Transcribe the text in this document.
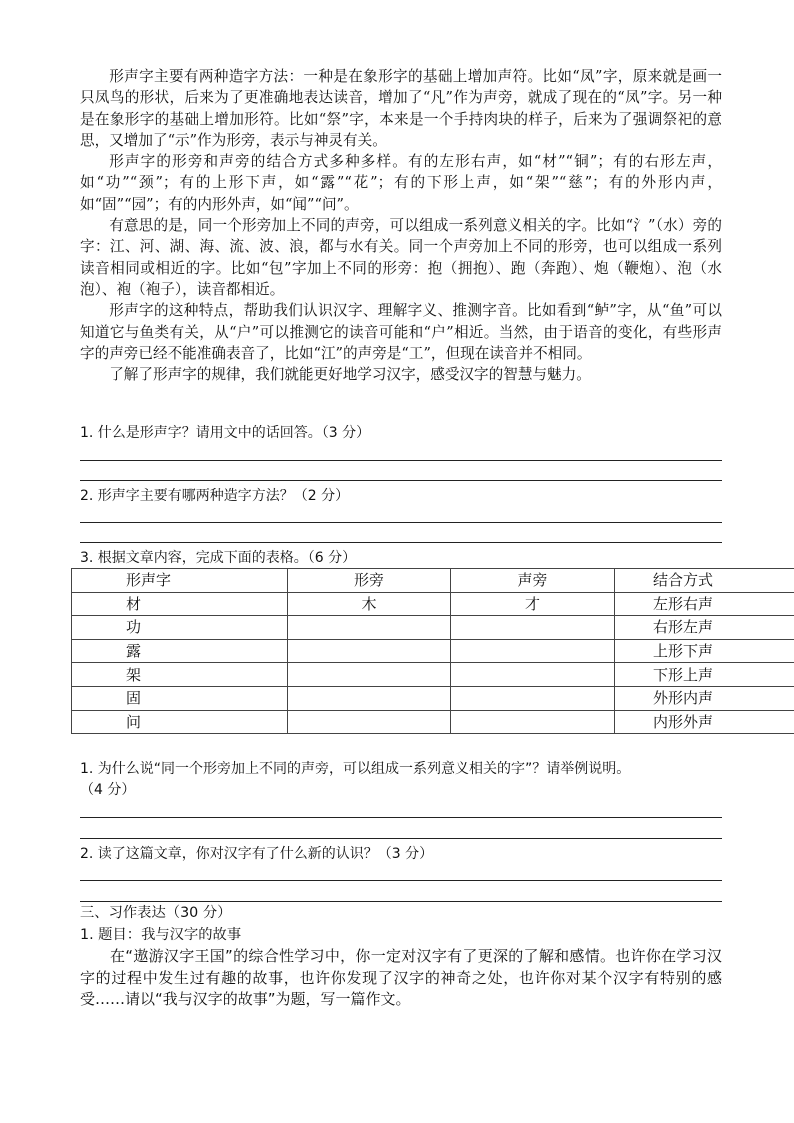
形声字主要有两种造字方法：一种是在象形字的基础上增加声符。比如“凤”字，原来就是画一只凤鸟的形状，后来为了更准确地表达读音，增加了“凡”作为声旁，就成了现在的“凤”字。另一种是在象形字的基础上增加形符。比如“祭”字，本来是一个手持肉块的样子，后来为了强调祭祀的意思，又增加了“示”作为形旁，表示与神灵有关。

形声字的形旁和声旁的结合方式多种多样。有的左形右声，如“材”“铜”；有的右形左声，如“功”“颈”；有的上形下声，如“露”“花”；有的下形上声，如“架”“慈”；有的外形内声，如“固”“园”；有的内形外声，如“闻”“问”。

有意思的是，同一个形旁加上不同的声旁，可以组成一系列意义相关的字。比如“氵”（水）旁的字：江、河、湖、海、流、波、浪，都与水有关。同一个声旁加上不同的形旁，也可以组成一系列读音相同或相近的字。比如“包”字加上不同的形旁：抱（拥抱）、跑（奔跑）、炮（鞭炮）、泡（水泡）、袍（袍子），读音都相近。

形声字的这种特点，帮助我们认识汉字、理解字义、推测字音。比如看到“鲈”字，从“鱼”可以知道它与鱼类有关，从“户”可以推测它的读音可能和“户”相近。当然，由于语音的变化，有些形声字的声旁已经不能准确表音了，比如“江”的声旁是“工”，但现在读音并不相同。

了解了形声字的规律，我们就能更好地学习汉字，感受汉字的智慧与魅力。

1. 什么是形声字？请用文中的话回答。（3 分）

2. 形声字主要有哪两种造字方法？（2 分）

3. 根据文章内容，完成下面的表格。（6 分）

形声字	形旁	声旁	结合方式
材	木	才	左形右声
功			右形左声
露			上形下声
架			下形上声
固			外形内声
问			内形外声

1. 为什么说“同一个形旁加上不同的声旁，可以组成一系列意义相关的字”？请举例说明。

（4 分）

2. 读了这篇文章，你对汉字有了什么新的认识？（3 分）

三、习作表达（30 分）

1. 题目：我与汉字的故事

在“遨游汉字王国”的综合性学习中，你一定对汉字有了更深的了解和感情。也许你在学习汉字的过程中发生过有趣的故事，也许你发现了汉字的神奇之处，也许你对某个汉字有特别的感受……请以“我与汉字的故事”为题，写一篇作文。
